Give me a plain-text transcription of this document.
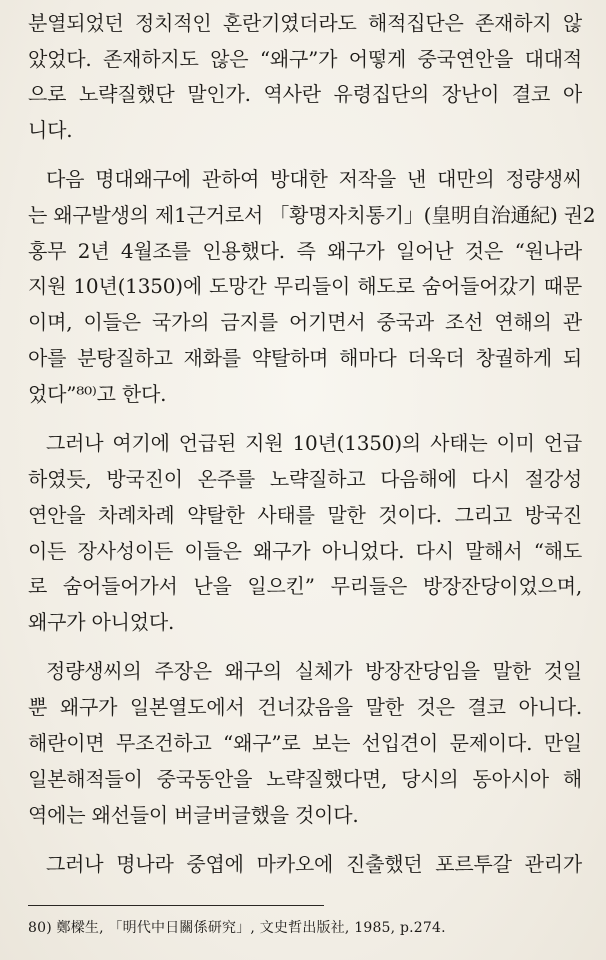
분열되었던 정치적인 혼란기였더라도 해적집단은 존재하지 않
았었다. 존재하지도 않은 “왜구”가 어떻게 중국연안을 대대적
으로 노략질했단 말인가. 역사란 유령집단의 장난이 결코 아
니다.
다음 명대왜구에 관하여 방대한 저작을 낸 대만의 정량생씨
는 왜구발생의 제1근거로서 「황명자치통기」(皇明自治通紀) 권2
홍무 2년 4월조를 인용했다. 즉 왜구가 일어난 것은 “원나라
지원 10년(1350)에 도망간 무리들이 해도로 숨어들어갔기 때문
이며, 이들은 국가의 금지를 어기면서 중국과 조선 연해의 관
아를 분탕질하고 재화를 약탈하며 해마다 더욱더 창궐하게 되
었다”⁸⁰⁾고 한다.
그러나 여기에 언급된 지원 10년(1350)의 사태는 이미 언급
하였듯, 방국진이 온주를 노략질하고 다음해에 다시 절강성
연안을 차례차례 약탈한 사태를 말한 것이다. 그리고 방국진
이든 장사성이든 이들은 왜구가 아니었다. 다시 말해서 “해도
로 숨어들어가서 난을 일으킨” 무리들은 방장잔당이었으며,
왜구가 아니었다.
정량생씨의 주장은 왜구의 실체가 방장잔당임을 말한 것일
뿐 왜구가 일본열도에서 건너갔음을 말한 것은 결코 아니다.
해란이면 무조건하고 “왜구”로 보는 선입견이 문제이다. 만일
일본해적들이 중국동안을 노략질했다면, 당시의 동아시아 해
역에는 왜선들이 버글버글했을 것이다.
그러나 명나라 중엽에 마카오에 진출했던 포르투갈 관리가
80) 鄭樑生, 「明代中日關係研究」, 文史哲出版社, 1985, p.274.
